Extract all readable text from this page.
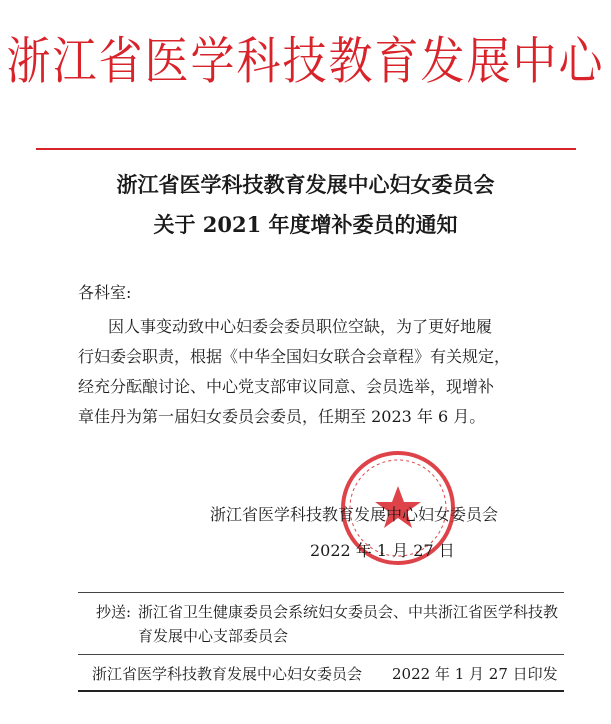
浙江省医学科技教育发展中心
浙江省医学科技教育发展中心妇女委员会
关于 2021 年度增补委员的通知
各科室:
因人事变动致中心妇委会委员职位空缺，为了更好地履
行妇委会职责，根据《中华全国妇女联合会章程》有关规定，
经充分酝酿讨论、中心党支部审议同意、会员选举，现增补
章佳丹为第一届妇女委员会委员，任期至 2023 年 6 月。
浙江省医学科技教育发展中心妇女委员会
2022 年 1 月 27 日
抄送: 浙江省卫生健康委员会系统妇女委员会、中共浙江省医学科技教
育发展中心支部委员会
浙江省医学科技教育发展中心妇女委员会 2022 年 1 月 27 日印发
